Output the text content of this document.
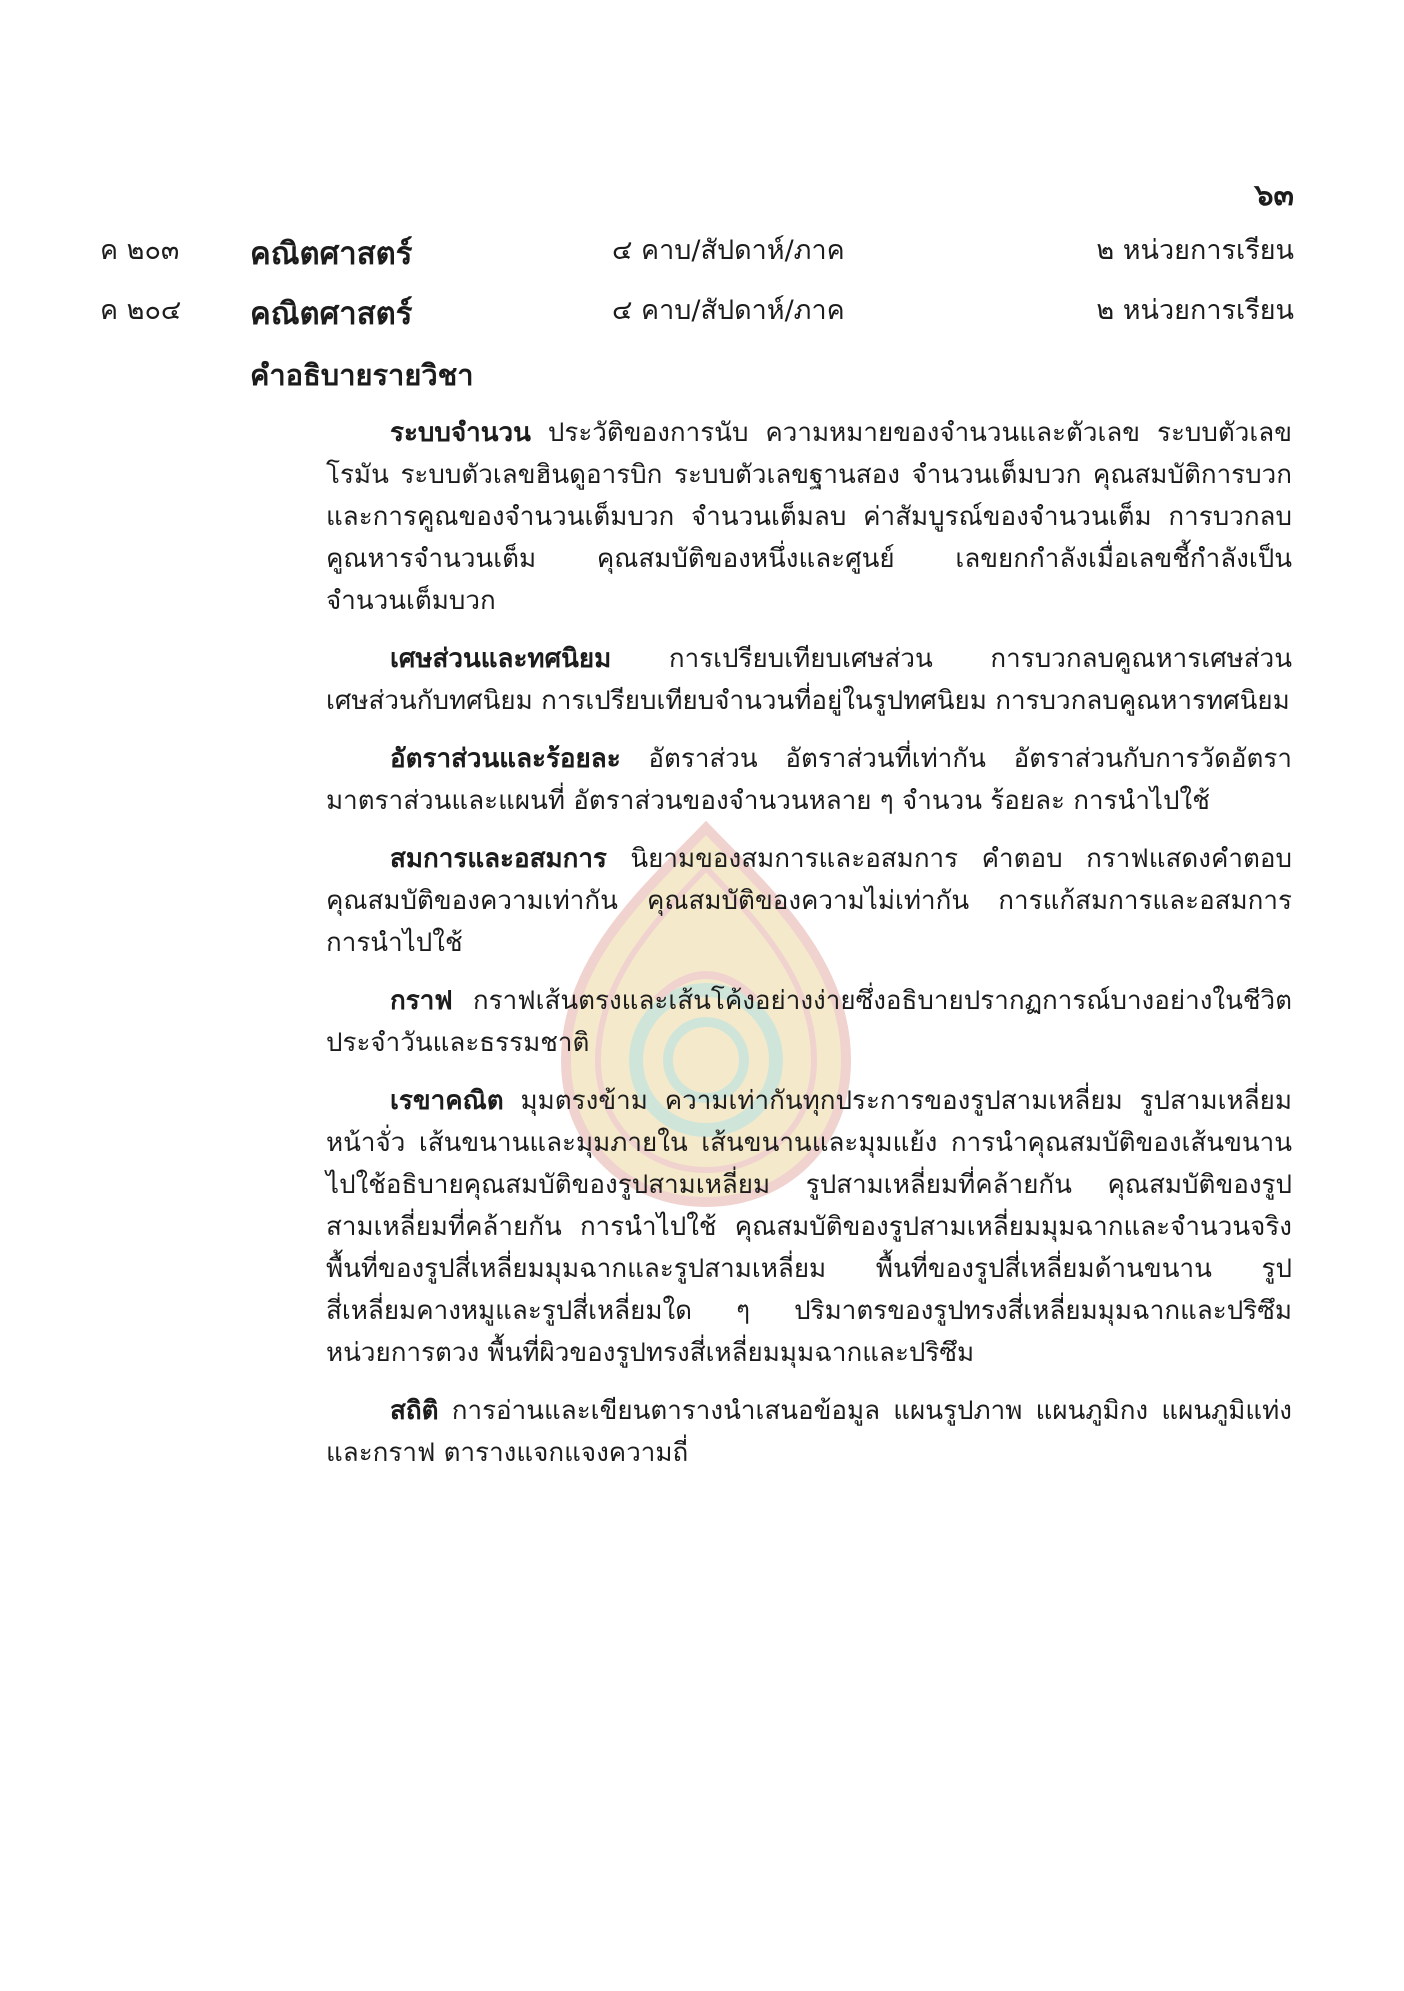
๖๓
ค ๒๐๓ คณิตศาสตร์	๔ คาบ/สัปดาห์/ภาค	๒ หน่วยการเรียน
ค ๒๐๔ คณิตศาสตร์	๔ คาบ/สัปดาห์/ภาค	๒ หน่วยการเรียน
คำอธิบายรายวิชา

ระบบจำนวน ประวัติของการนับ ความหมายของจำนวนและตัวเลข ระบบตัวเลขโรมัน ระบบตัวเลขฮินดูอารบิก ระบบตัวเลขฐานสอง จำนวนเต็มบวก คุณสมบัติการบวกและการคูณของจำนวนเต็มบวก จำนวนเต็มลบ ค่าสัมบูรณ์ของจำนวนเต็ม การบวกลบคูณหารจำนวนเต็ม คุณสมบัติของหนึ่งและศูนย์ เลขยกกำลังเมื่อเลขชี้กำลังเป็นจำนวนเต็มบวก

เศษส่วนและทศนิยม การเปรียบเทียบเศษส่วน การบวกลบคูณหารเศษส่วน เศษส่วนกับทศนิยม การเปรียบเทียบจำนวนที่อยู่ในรูปทศนิยม การบวกลบคูณหารทศนิยม

อัตราส่วนและร้อยละ อัตราส่วน อัตราส่วนที่เท่ากัน อัตราส่วนกับการวัดอัตรา มาตราส่วนและแผนที่ อัตราส่วนของจำนวนหลาย ๆ จำนวน ร้อยละ การนำไปใช้

สมการและอสมการ นิยามของสมการและอสมการ คำตอบ กราฟแสดงคำตอบ คุณสมบัติของความเท่ากัน คุณสมบัติของความไม่เท่ากัน การแก้สมการและอสมการ การนำไปใช้

กราฟ กราฟเส้นตรงและเส้นโค้งอย่างง่ายซึ่งอธิบายปรากฏการณ์บางอย่างในชีวิตประจำวันและธรรมชาติ

เรขาคณิต มุมตรงข้าม ความเท่ากันทุกประการของรูปสามเหลี่ยม รูปสามเหลี่ยมหน้าจั่ว เส้นขนานและมุมภายใน เส้นขนานและมุมแย้ง การนำคุณสมบัติของเส้นขนานไปใช้อธิบายคุณสมบัติของรูปสามเหลี่ยม รูปสามเหลี่ยมที่คล้ายกัน คุณสมบัติของรูปสามเหลี่ยมที่คล้ายกัน การนำไปใช้ คุณสมบัติของรูปสามเหลี่ยมมุมฉากและจำนวนจริง พื้นที่ของรูปสี่เหลี่ยมมุมฉากและรูปสามเหลี่ยม พื้นที่ของรูปสี่เหลี่ยมด้านขนาน รูปสี่เหลี่ยมคางหมูและรูปสี่เหลี่ยมใด ๆ ปริมาตรของรูปทรงสี่เหลี่ยมมุมฉากและปริซึม หน่วยการตวง พื้นที่ผิวของรูปทรงสี่เหลี่ยมมุมฉากและปริซึม

สถิติ การอ่านและเขียนตารางนำเสนอข้อมูล แผนรูปภาพ แผนภูมิกง แผนภูมิแท่งและกราฟ ตารางแจกแจงความถี่
